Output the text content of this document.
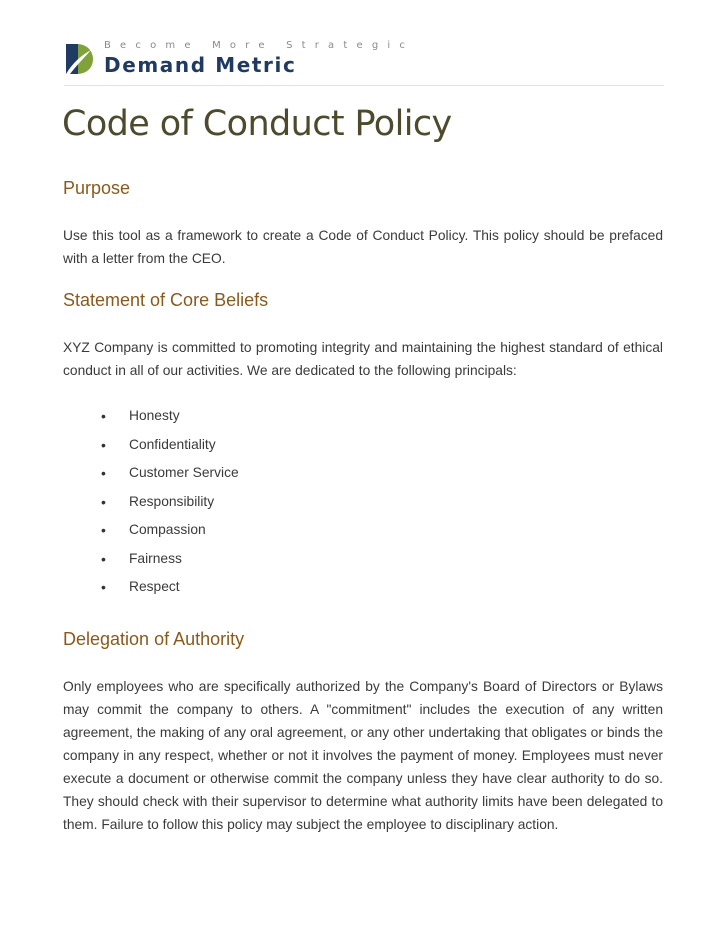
Become More Strategic
Demand Metric
Code of Conduct Policy
Purpose

Use this tool as a framework to create a Code of Conduct Policy. This policy should be prefaced with a letter from the CEO.

Statement of Core Beliefs

XYZ Company is committed to promoting integrity and maintaining the highest standard of ethical conduct in all of our activities. We are dedicated to the following principals:

• Honesty
• Confidentiality
• Customer Service
• Responsibility
• Compassion
• Fairness
• Respect
Delegation of Authority

Only employees who are specifically authorized by the Company's Board of Directors or Bylaws may commit the company to others. A "commitment" includes the execution of any written agreement, the making of any oral agreement, or any other undertaking that obligates or binds the company in any respect, whether or not it involves the payment of money. Employees must never execute a document or otherwise commit the company unless they have clear authority to do so. They should check with their supervisor to determine what authority limits have been delegated to them. Failure to follow this policy may subject the employee to disciplinary action.
